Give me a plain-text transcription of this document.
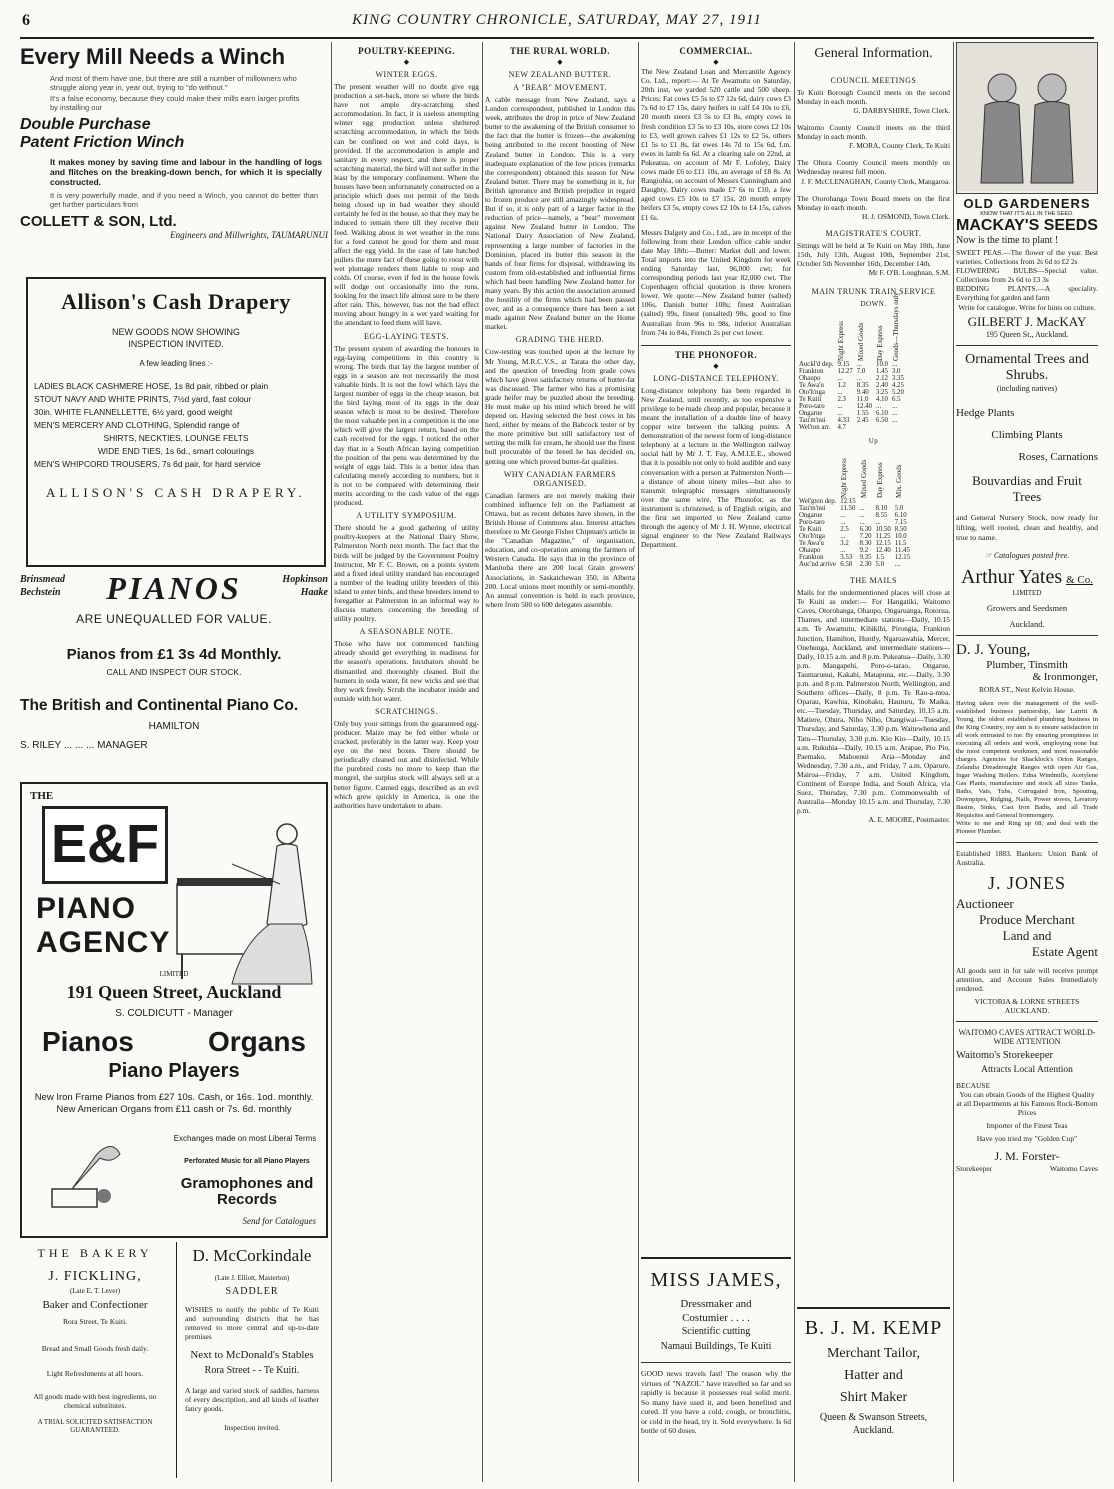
6	KING COUNTRY CHRONICLE, SATURDAY, MAY 27, 1911
Every Mill Needs a Winch

And most of them have one, but there are still a number of millowners who struggle along year in, year out, trying to "do without."

It's a false economy, because they could make their mills earn larger profits by installing our

Double Purchase
Patent Friction Winch

It makes money by saving time and labour in the handling of logs and flitches on the breaking-down bench, for which it is specially constructed.

It is very powerfully made, and if you need a Winch, you cannot do better than get further particulars from

COLLETT & SON, Ltd.
Engineers and Millwrights, TAUMARUNUI
Allison's Cash Drapery
NEW GOODS NOW SHOWING
INSPECTION INVITED.
A few leading lines :-
LADIES BLACK CASHMERE HOSE, 1s 8d pair, ribbed or plain
STOUT NAVY AND WHITE PRINTS, 7½d yard, fast colour
30in. WHITE FLANNELLETTE, 6½ yard, good weight
MEN'S MERCERY AND CLOTHING, Splendid range of
SHIRTS, NECKTIES, LOUNGE FELTS
WIDE END TIES, 1s 6d., smart colourings
MEN'S WHIPCORD TROUSERS, 7s 6d pair, for hard service
ALLISON'S CASH DRAPERY.
Brinsmead
Bechstein	PIANOS	Hopkinson
Haake
ARE UNEQUALLED FOR VALUE.
Pianos from £1 3s 4d Monthly.
CALL AND INSPECT OUR STOCK.
The British and Continental Piano Co.
HAMILTON
S. RILEY ... ... ... MANAGER
THE
E&F
PIANO
AGENCY
LIMITED
191 Queen Street, Auckland
S. COLDICUTT - Manager
Pianos	Organs
Piano Players

New Iron Frame Pianos from £27 10s. Cash, or 16s. 1od. monthly. New American Organs from £11 cash or 7s. 6d. monthly

Exchanges made on most Liberal Terms
Perforated Music for all Piano Players
Gramophones and Records
Send for Catalogues
THE BAKERY
J. FICKLING,
(Late E. T. Lever)
Baker and Confectioner
Rora Street, Te Kuiti.
Bread and Small Goods fresh daily.
Light Refreshments at all hours.
All goods made with best ingredients, no chemical substitutes.
A TRIAL SOLICITED SATISFACTION GUARANTEED.
D. McCorkindale
(Late J. Elliott, Masterton)
SADDLER

WISHES to notify the public of Te Kuiti and surrounding districts that he has removed to more central and up-to-date premises

Next to McDonald's Stables
Rora Street - - Te Kuiti.

A large and varied stock of saddles, harness of every description, and all kinds of leather fancy goods.

Inspection invited.
POULTRY-KEEPING.
◆
WINTER EGGS.

The present weather will no doubt give egg production a set-back, more so where the birds have not ample dry-scratching shed accommodation. In fact, it is useless attempting winter egg production unless sheltered scratching accommodation, in which the birds can be confined on wet and cold days, is provided. If the accommodation is ample and sanitary in every respect, and there is proper scratching material, the bird will not suffer in the least by the temporary confinement. Where the houses have been unfortunately constructed on a principle which does not permit of the birds being closed up in bad weather they should certainly be fed in the house, so that they may be induced to remain there till they receive their feed. Walking about in wet weather in the runs for a feed cannot be good for them and must affect the egg yield. In the case of late hatched pullets the mere fact of these going to roost with wet plumage renders them liable to roup and colds. Of course, even if fed in the house fowls will dodge out occasionally into the runs, looking for the insect life almost sure to be there after rain. This, however, has not the bad effect moving about hungry in a wet yard waiting for the attendant to feed them will have.

EGG-LAYING TESTS.

The present system of awarding the honours in egg-laying competitions in this country is wrong. The birds that lay the largest number of eggs in a season are not necessarily the most valuable birds. It is not the fowl which lays the largest number of eggs in the cheap season, but the bird laying most of its eggs in the dear season which is most to be desired. Therefore the most valuable pen in a competition is the one which will give the largest return, based on the cash received for the eggs. I noticed the other day that in a South African laying competition the position of the pens was determined by the weight of eggs laid. This is a better idea than calculating merely according to numbers, but it is not to be compared with determining their merits according to the cash value of the eggs produced.

A UTILITY SYMPOSIUM.

There should be a good gathering of utility poultry-keepers at the National Dairy Show, Palmerston North next month. The fact that the birds will be judged by the Government Poultry Instructor, Mr F. C. Brown, on a points system and a fixed ideal utility standard has encouraged a number of the leading utility breeders of this island to enter birds, and these breeders intend to foregather at Palmerston in an informal way to discuss matters concerning the breeding of utility poultry.

A SEASONABLE NOTE.

Those who have not commenced hatching already should get everything in readiness for the season's operations. Incubators should be dismantled and thoroughly cleaned. Boil the burners in soda water, fit new wicks and see that they work freely. Scrub the incubator inside and outside with hot water.

SCRATCHINGS.

Only buy your sittings from the guaranteed egg-producer. Maize may be fed either whole or cracked, preferably in the latter way. Keep your eye on the nest boxes. There should be periodically cleaned out and disinfected. While the purebred costs no more to keep than the mongrel, the surplus stock will always sell at a better figure. Canned eggs, described as an evil which grew quickly in America, is one the authorities have undertaken to abate.

THE RURAL WORLD.
◆
NEW ZEALAND BUTTER.
A "BEAR" MOVEMENT.

A cable message from New Zealand, says a London correspondent, published in London this week, attributes the drop in price of New Zealand butter to the awakening of the British consumer to the fact that the butter is frozen—the awakening being attributed to the recent boosting of New Zealand butter in London. This is a very inadequate explanation of the low prices (remarks the correspondent) obtained this season for New Zealand butter. There may be something in it, for British ignorance and British prejudice in regard to frozen produce are still amazingly widespread. But if so, it is only part of a larger factor in the reduction of price—namely, a "bear" movement against New Zealand butter in London. The National Dairy Association of New Zealand, representing a large number of factories in the Dominion, placed its butter this season in the hands of four firms for disposal, withdrawing its custom from old-established and influential firms which had been handling New Zealand butter for many years. By this action the association aroused the hostility of the firms which had been passed over, and as a consequence there has been a set made against New Zealand butter on the Home market.

GRADING THE HERD.

Cow-testing was touched upon at the lecture by Mr Young, M.R.C.V.S., at Tarata the other day, and the question of breeding from grade cows which have given satisfactory returns of butter-fat was discussed. The farmer who has a promising grade heifer may be puzzled about the breeding. He must make up his mind which breed he will depend on. Having selected the best cows in his herd, either by means of the Babcock tester or by the more primitive but still satisfactory test of setting the milk for cream, he should use the finest bull procurable of the breed he has decided on, getting one which proved butter-fat qualities.

WHY CANADIAN FARMERS ORGANISED.

Canadian farmers are not merely making their combined influence felt on the Parliament at Ottawa, but as recent debates have shown, in the British House of Commons also. Interest attaches therefore to Mr George Fisher Chipman's article in the "Canadian Magazine," of organisation, education, and co-operation among the farmers of Western Canada. He says that in the province of Manitoba there are 200 local Grain growers' Associations, in Saskatchewan 350, in Alberta 200. Local unions meet monthly or semi-monthly. An annual convention is held in each province, where from 500 to 600 delegates assemble.

COMMERCIAL.
◆

The New Zealand Loan and Mercantile Agency Co. Ltd., report:— At Te Awamutu on Saturday, 20th inst, we yarded 520 cattle and 500 sheep. Prices: Fat cows £5 5s to £7 12s 6d, dairy cows £3 7s 6d to £7 15s, dairy heifers in calf £4 10s to £6, 20 month steers £3 5s to £3 8s, empty cows in fresh condition £3 5s to £3 10s, store cows £2 10s to £3, well grown calves £1 12s to £2 5s, others £1 5s to £1 8s, fat ewes 14s 7d to 15s 6d, f.m. ewes in lamb 6s 6d. At a clearing sale on 22nd, at Pukeatua, on account of Mr F. Lofoley, Dairy cows made £6 to £11 10s, an average of £8 8s. At Rangiohia, on account of Messrs Cunningham and Daughty, Dairy cows made £7 6s to £10, a few aged cows £5 10s to £7 15s, 20 month empty heifers £3 5s, empty cows £2 10s to £4 15s, calves £1 6s.

Messrs Dalgety and Co., Ltd., are in receipt of the following from their London office cable under date May 18th:—Butter: Market dull and lower. Total imports into the United Kingdom for week ending Saturday last, 96,000 cwt; for corresponding periods last year 82,000 cwt. The Copenhagen official quotation is three kroners lower. We quote:—New Zealand butter (salted) 106s, Danish butter 108s; finest Australian (salted) 99s, finest (unsalted) 98s, good to fine Australian from 96s to 98s, inferior Australian from 74s to 84s, French 2s per cwt lower.

THE PHONOFOR.
◆
LONG-DISTANCE TELEPHONY.

Long-distance telephony has been regarded in New Zealand, until recently, as too expensive a privilege to be made cheap and popular, because it meant the installation of a double line of heavy copper wire between the talking points. A demonstration of the newest form of long-distance telephony at a lecture in the Wellington railway social hall by Mr J. T. Fay, A.M.I.E.E., showed that it is possible not only to hold audible and easy conversation with a person at Palmerston North—a distance of about ninety miles—but also to transmit telegraphic messages simultaneously over the same wire. The Phonofor, as the instrument is christened, is of English origin, and the first set imported to New Zealand came through the agency of Mr J. H. Wynne, electrical signal engineer to the New Zealand Railways Department.

MISS JAMES,
Dressmaker and
Costumier . . . .
Scientific cutting
Namaui Buildings, Te Kuiti

GOOD news travels fast! The reason why the virtues of "NAZOL" have travelled so far and so rapidly is because it possesses real solid merit. So many have used it, and been benefited and cured. If you have a cold, cough, or bronchitis, or cold in the head, try it. Sold everywhere. Is 6d bottle of 60 doses.

General Information.
COUNCIL MEETINGS

Te Kuiti Borough Council meets on the second Monday in each month.

G. DARBYSHIRE, Town Clerk.

Waitomo County Council meets on the third Monday in each month.

F. MORA, County Clerk, Te Kuiti

The Ohura County Council meets monthly on Wednesday nearest full moon.

J. F. McCLENAGHAN, County Clerk, Mangaroa.

The Otorohanga Town Board meets on the first Monday in each month.

H. J. OSMOND, Town Clerk.
MAGISTRATE'S COURT.

Sittings will be held at Te Kuiti on May 18th, June 15th, July 13th, August 10th, September 21st, October 5th November 16th, December 14th.

Mr F. O'B. Loughnan, S.M.
MAIN TRUNK TRAIN SERVICE
DOWN.

	Night Express	Mixed Goods	Day Express	Goods—Thursdays only

Auckl'd dep.	9.15	...	10.0	...
Frankton	12.27	7.0	1.45	3.0
Ohaupo	...	...	2.12	3.35
Te Awa'u	1.2	8.35	2.40	4.25
Oto'h'nga	...	9.40	3.25	5.20
Te Kuiti	2.3	11.0	4.10	6.5
Poro-taro	...	12.40	...	...
Ongarue	...	1.55	6.10	...
Tau'm'nui	4.33	2.45	6.50	...
Wel'ton arr.	4.7			
Up

	Night Express	Mixed Goods	Day Express	Mix. Goods

Wel'gton dep.	12.15			
Tau'm'nui	11.50	...	8.10	5.0
Ongarue	...	...	8.55	6.10
Poro-taro	...	...	...	7.15
Te Kuiti	2.5	6.30	10.50	8.50
Oto'h'nga	...	7.20	11.25	10.0
Te Awa'u	3.2	8.30	12.15	11.5
Ohaupo	...	9.2	12.40	11.45
Frankton	3.53	9.35	1.5	12.15
Auc'nd arrive	6.58	2.30	5.0	...
THE MAILS

Mails for the undermentioned places will close at Te Kuiti as under:— For Hangatiki, Waitomo Caves, Otorohanga, Ohaupo, Ongaruanga, Rotorua, Thames, and intermediate stations—Daily, 10.15 a.m. Te Awamutu, Kihikihi, Pirongia, Frankton Junction, Hamilton, Huntly, Ngaruawahia, Mercer, Onehunga, Auckland, and intermediate stations—Daily, 10.15 a.m. and 8 p.m. Pukeatua—Daily, 3.30 p.m. Mangapehi, Poro-o-tarao, Ongarue, Taumarunui, Kakahi, Matapuna, etc.—Daily, 3.30 p.m. and 8 p.m. Palmerston North, Wellington, and Southern offices—Daily, 8 p.m. Te Rau-a-moa, Oparau, Kawhia, Kinohaku, Hauturu, Te Maika, etc.—Tuesday, Thursday, and Saturday, 10.15 a.m. Matiere, Ohura, Niho Niho, Otangiwai—Tuesday, Thursday, and Saturday, 3.30 p.m. Waitewhena and Tatu—Thursday, 3.30 p.m. Kio Kio—Daily, 10.15 a.m. Rukuhia—Daily, 10.15 a.m. Arapae, Pio Pio, Paemako, Mahoenui Aria—Monday and Wednesday, 7.30 a.m., and Friday, 7 a.m. Oparure, Mairoa—Friday, 7 a.m. United Kingdom, Continent of Europe India, and South Africa, via Suez, Thursday, 7.30 p.m. Commonwealth of Australia—Monday 10.15 a.m. and Thursday, 7.30 p.m.

A. E. MOORE, Postmaster.
B. J. M. KEMP
Merchant Tailor,
Hatter and
Shirt Maker
Queen & Swanson Streets,
Auckland.
OLD GARDENERS
KNOW THAT IT'S ALL IN THE SEED.
MACKAY'S SEEDS
Now is the time to plant !

SWEET PEAS.—The flower of the year. Best varieties. Collections from 2s 6d to £2 2s

FLOWERING BULBS—Special value. Collections from 2s 6d to £3 3s

BEDDING PLANTS.—A speciality. Everything for garden and farm

Write for catalogue. Write for hints on culture.

GILBERT J. MacKAY
195 Queen St., Auckland.
Ornamental Trees and
Shrubs.
(including natives)
Hedge Plants
Climbing Plants
Roses, Carnations
Bouvardias and Fruit
Trees

and General Nursery Stock, now ready for lifting, well rooted, clean and healthy, and true to name.

☞ Catalogues posted free.
Arthur Yates & Co.
LIMITED
Growers and Seedsmen
Auckland.
D. J. Young,
Plumber, Tinsmith
& Ironmonger,
RORA ST., Next Kelvin House.

Having taken over the management of the well-established business partnership, late Larritt & Young, the oldest established plumbing business in the King Country, my aim is to ensure satisfaction in all work entrusted to me. By ensuring promptness in executing all orders and work, employing none but the most competent workmen, and most reasonable charges. Agencies for Shacklock's Orion Ranges, Zelandia Dreadnought Ranges with open Air Gas, Ingar Washing Boilers. Edna Windmills, Acetylene Gas Plants, manufacture and stock all sizes Tanks, Baths, Vats, Tubs, Corrugated Iron, Spouting, Downpipes, Ridging, Nails, Power stoves, Lavatory Basins, Sinks, Cast Iron Baths, and all Trade Requisites and General Ironmongery.

Write to me and Ring up 68, and deal with the Pioneer Plumber.

Established 1883. Bankers: Union Bank of Australia.

J. JONES
Auctioneer
Produce Merchant
Land and
Estate Agent

All goods sent in for sale will receive prompt attention, and Account Sales Immediately rendered.

VICTORIA & LORNE STREETS AUCKLAND.
WAITOMO CAVES ATTRACT WORLD-WIDE ATTENTION
Waitomo's Storekeeper
Attracts Local Attention
BECAUSE

You can obtain Goods of the Highest Quality at all Departments at his Famous Rock-Bottom Prices

Importer of the Finest Teas
Have you tried my "Golden Cup"
J. M. Forster-
Storekeeper	Waitomo Caves
